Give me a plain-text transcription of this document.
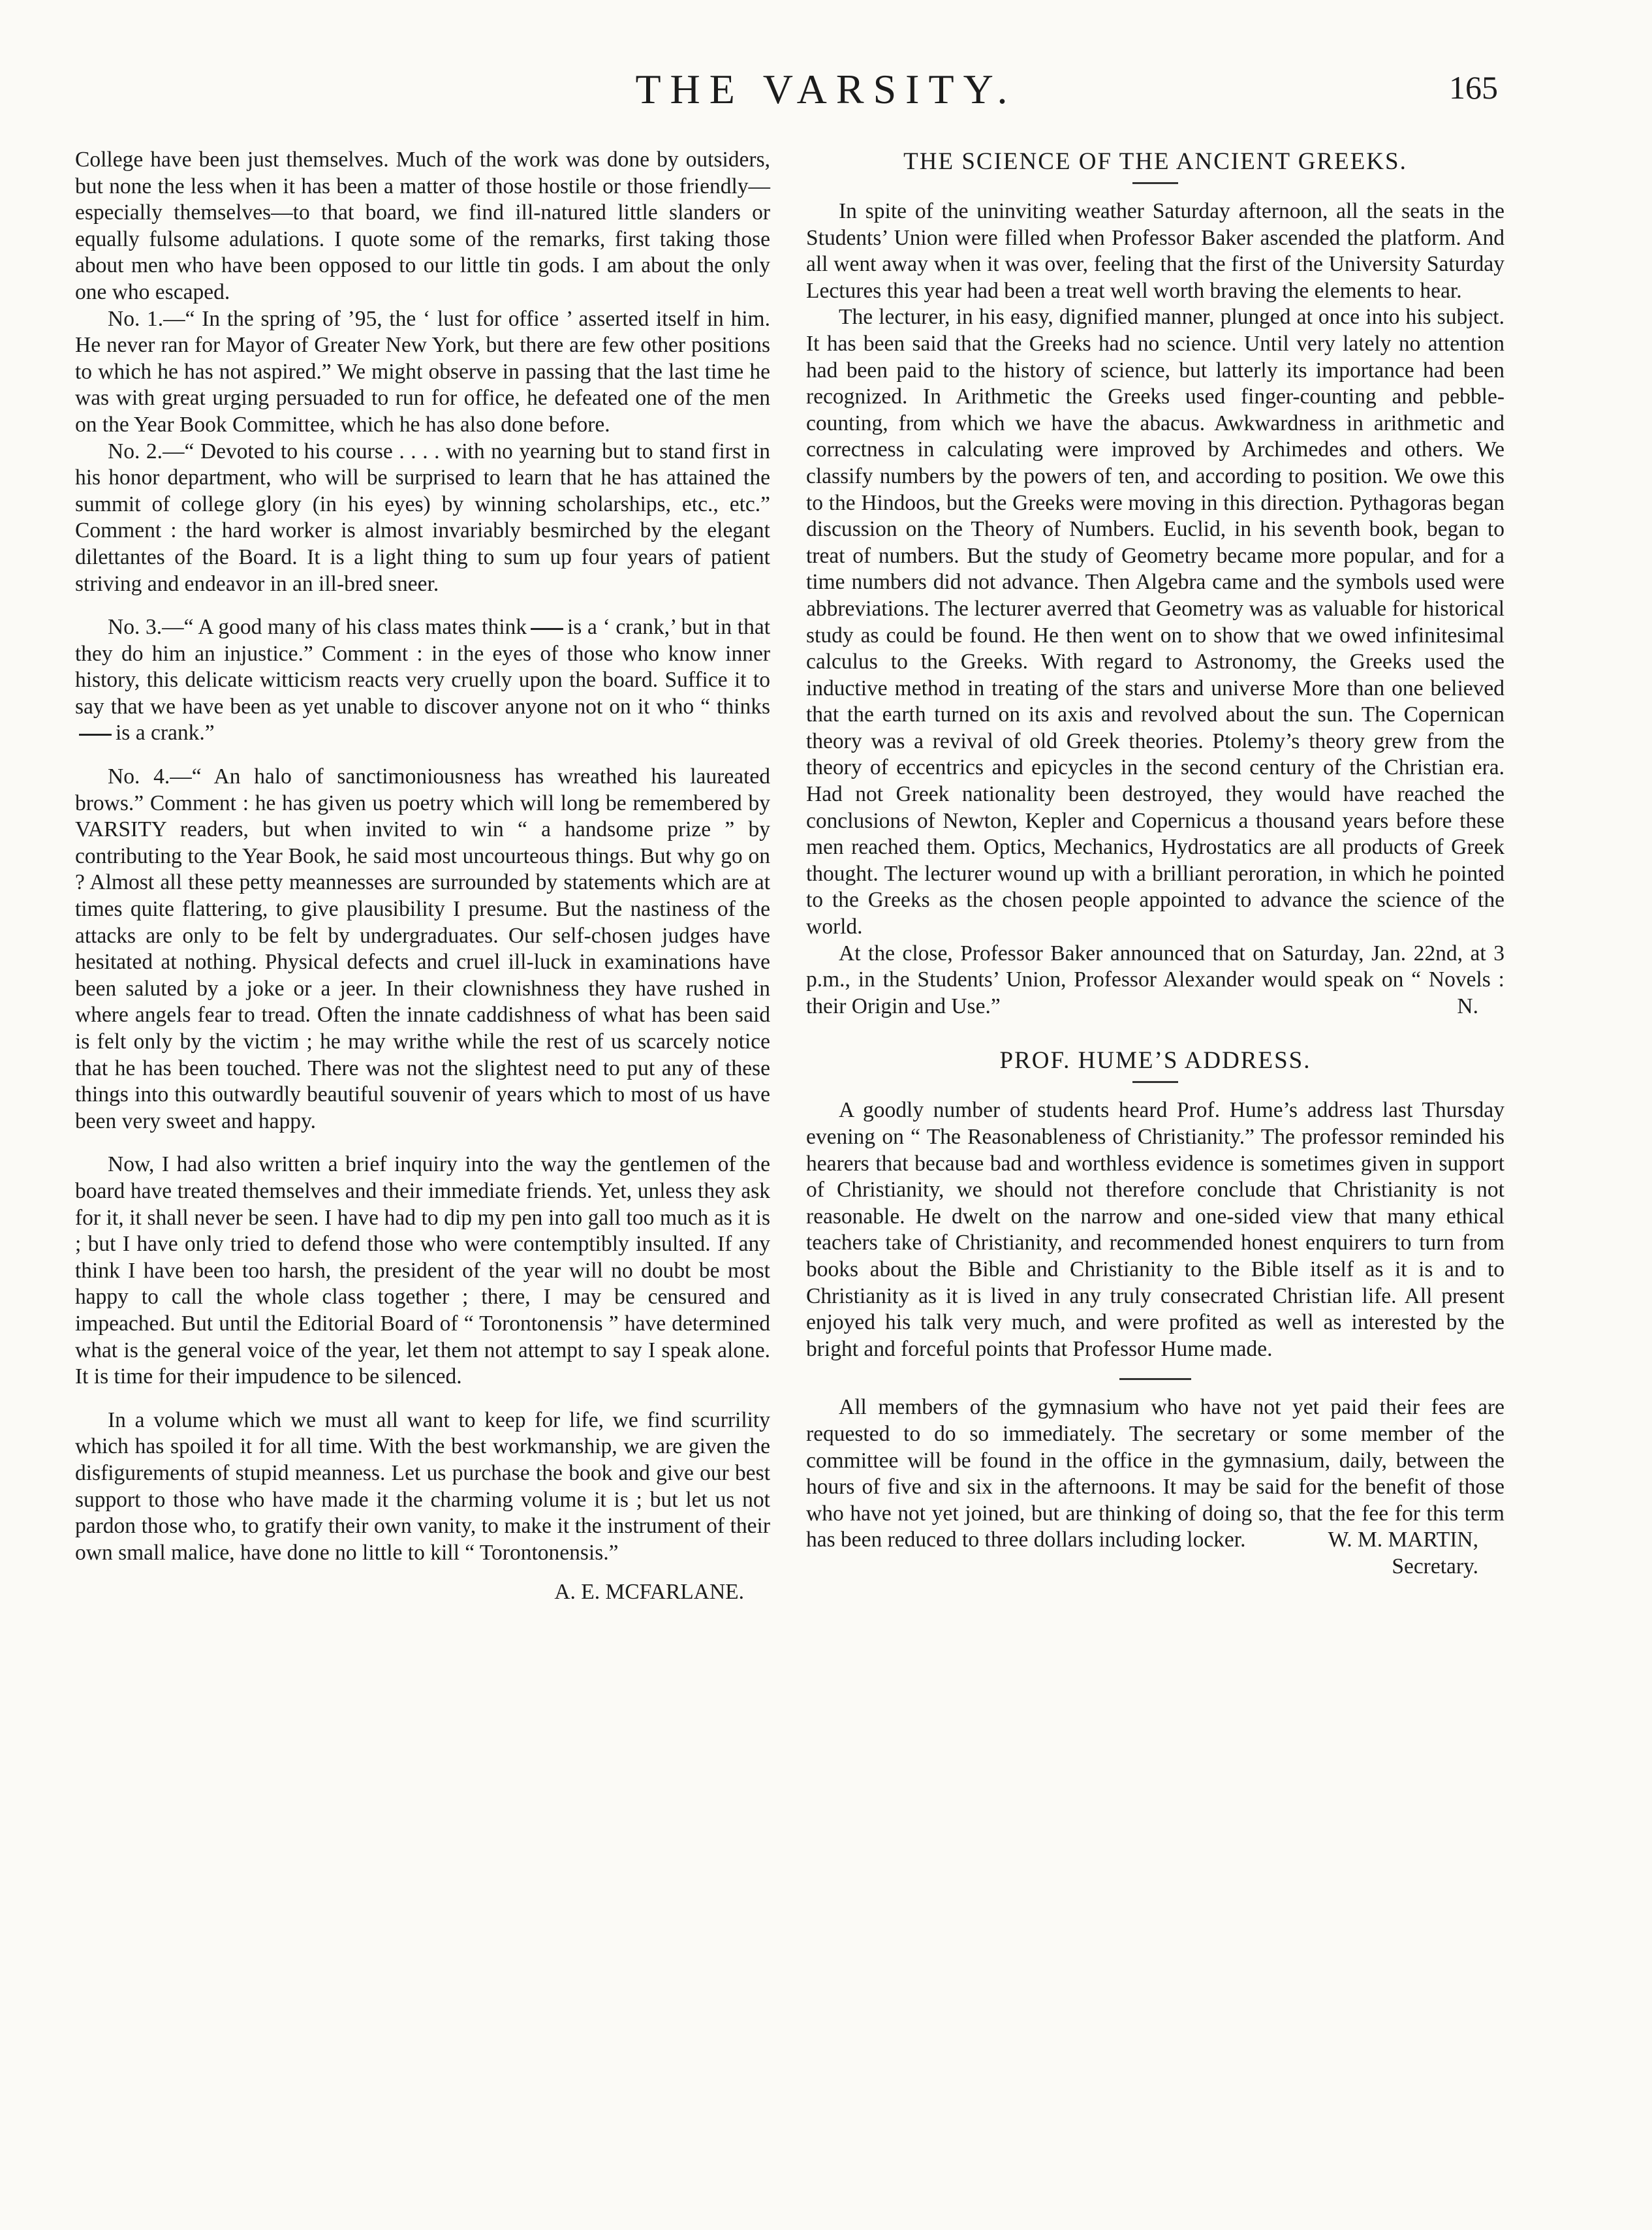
THE VARSITY.	165

College have been just themselves. Much of the work was done by outsiders, but none the less when it has been a matter of those hostile or those friendly—especially themselves—to that board, we find ill-natured little slanders or equally fulsome adulations. I quote some of the remarks, first taking those about men who have been opposed to our little tin gods. I am about the only one who escaped.

No. 1.—“ In the spring of ’95, the ‘ lust for office ’ asserted itself in him. He never ran for Mayor of Greater New York, but there are few other positions to which he has not aspired.” We might observe in passing that the last time he was with great urging persuaded to run for office, he defeated one of the men on the Year Book Committee, which he has also done before.

No. 2.—“ Devoted to his course . . . . with no yearning but to stand first in his honor department, who will be surprised to learn that he has attained the summit of college glory (in his eyes) by winning scholarships, etc., etc.” Comment : the hard worker is almost invariably besmirched by the elegant dilettantes of the Board. It is a light thing to sum up four years of patient striving and endeavor in an ill-bred sneer.

No. 3.—“ A good many of his class mates think is a ‘ crank,’ but in that they do him an injustice.” Comment : in the eyes of those who know inner history, this delicate witticism reacts very cruelly upon the board. Suffice it to say that we have been as yet unable to discover anyone not on it who “ thinksis a crank.”

No. 4.—“ An halo of sanctimoniousness has wreathed his laureated brows.” Comment : he has given us poetry which will long be remembered by VARSITY readers, but when invited to win “ a handsome prize ” by contributing to the Year Book, he said most uncourteous things. But why go on ? Almost all these petty meannesses are surrounded by statements which are at times quite flattering, to give plausibility I presume. But the nastiness of the attacks are only to be felt by undergraduates. Our self-chosen judges have hesitated at nothing. Physical defects and cruel ill-luck in examinations have been saluted by a joke or a jeer. In their clownishness they have rushed in where angels fear to tread. Often the innate caddishness of what has been said is felt only by the victim ; he may writhe while the rest of us scarcely notice that he has been touched. There was not the slightest need to put any of these things into this outwardly beautiful souvenir of years which to most of us have been very sweet and happy.

Now, I had also written a brief inquiry into the way the gentlemen of the board have treated themselves and their immediate friends. Yet, unless they ask for it, it shall never be seen. I have had to dip my pen into gall too much as it is ; but I have only tried to defend those who were contemptibly insulted. If any think I have been too harsh, the president of the year will no doubt be most happy to call the whole class together ; there, I may be censured and impeached. But until the Editorial Board of “ Torontonensis ” have determined what is the general voice of the year, let them not attempt to say I speak alone. It is time for their impudence to be silenced.

In a volume which we must all want to keep for life, we find scurrility which has spoiled it for all time. With the best workmanship, we are given the disfigurements of stupid meanness. Let us purchase the book and give our best support to those who have made it the charming volume it is ; but let us not pardon those who, to gratify their own vanity, to make it the instrument of their own small malice, have done no little to kill “ Torontonensis.”

A. E. MCFARLANE.
THE SCIENCE OF THE ANCIENT GREEKS.

In spite of the uninviting weather Saturday afternoon, all the seats in the Students’ Union were filled when Professor Baker ascended the platform. And all went away when it was over, feeling that the first of the University Saturday Lectures this year had been a treat well worth braving the elements to hear.

The lecturer, in his easy, dignified manner, plunged at once into his subject. It has been said that the Greeks had no science. Until very lately no attention had been paid to the history of science, but latterly its importance had been recognized. In Arithmetic the Greeks used finger-counting and pebble-counting, from which we have the abacus. Awkwardness in arithmetic and correctness in calculating were improved by Archimedes and others. We classify numbers by the powers of ten, and according to position. We owe this to the Hindoos, but the Greeks were moving in this direction. Pythagoras began discussion on the Theory of Numbers. Euclid, in his seventh book, began to treat of numbers. But the study of Geometry became more popular, and for a time numbers did not advance. Then Algebra came and the symbols used were abbreviations. The lecturer averred that Geometry was as valuable for historical study as could be found. He then went on to show that we owed infinitesimal calculus to the Greeks. With regard to Astronomy, the Greeks used the inductive method in treating of the stars and universe More than one believed that the earth turned on its axis and revolved about the sun. The Copernican theory was a revival of old Greek theories. Ptolemy’s theory grew from the theory of eccentrics and epicycles in the second century of the Christian era. Had not Greek nationality been destroyed, they would have reached the conclusions of Newton, Kepler and Copernicus a thousand years before these men reached them. Optics, Mechanics, Hydrostatics are all products of Greek thought. The lecturer wound up with a brilliant peroration, in which he pointed to the Greeks as the chosen people appointed to advance the science of the world.

At the close, Professor Baker announced that on Saturday, Jan. 22nd, at 3 p.m., in the Students’ Union, Professor Alexander would speak on “ Novels : their Origin and Use.”	N.

PROF. HUME’S ADDRESS.

A goodly number of students heard Prof. Hume’s address last Thursday evening on “ The Reasonableness of Christianity.” The professor reminded his hearers that because bad and worthless evidence is sometimes given in support of Christianity, we should not therefore conclude that Christianity is not reasonable. He dwelt on the narrow and one-sided view that many ethical teachers take of Christianity, and recommended honest enquirers to turn from books about the Bible and Christianity to the Bible itself as it is and to Christianity as it is lived in any truly consecrated Christian life. All present enjoyed his talk very much, and were profited as well as interested by the bright and forceful points that Professor Hume made.

All members of the gymnasium who have not yet paid their fees are requested to do so immediately. The secretary or some member of the committee will be found in the office in the gymnasium, daily, between the hours of five and six in the afternoons. It may be said for the benefit of those who have not yet joined, but are thinking of doing so, that the fee for this term has been reduced to three dollars including locker.	W. M. MARTIN,

Secretary.
